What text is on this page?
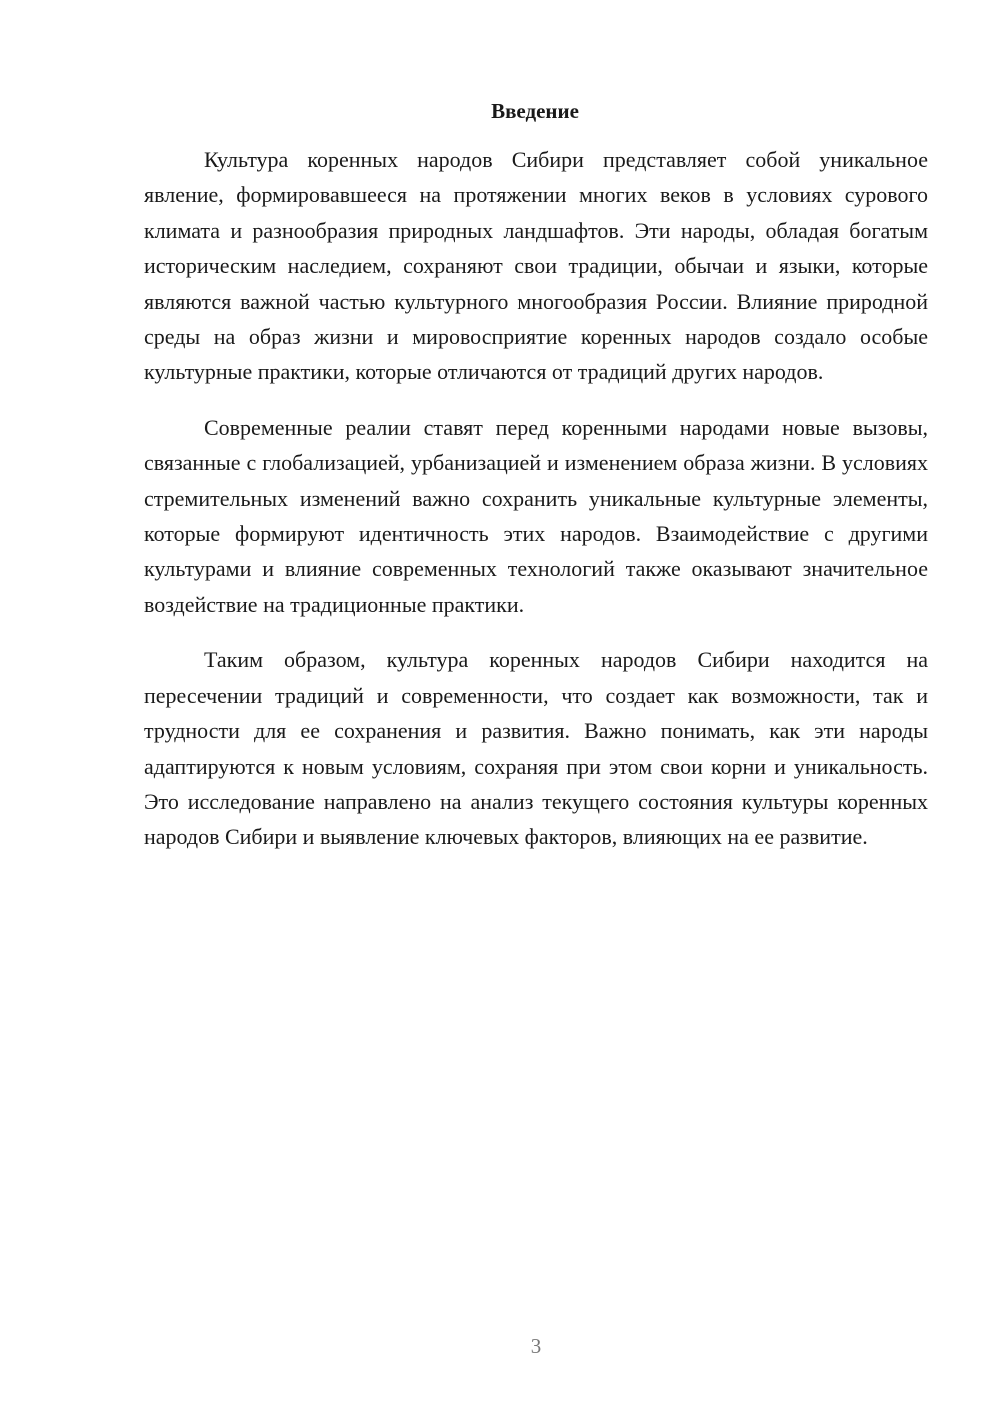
Введение

Культура коренных народов Сибири представляет собой уникальное явление, формировавшееся на протяжении многих веков в условиях сурового климата и разнообразия природных ландшафтов. Эти народы, обладая богатым историческим наследием, сохраняют свои традиции, обычаи и языки, которые являются важной частью культурного многообразия России. Влияние природной среды на образ жизни и мировосприятие коренных народов создало особые культурные практики, которые отличаются от традиций других народов.

Современные реалии ставят перед коренными народами новые вызовы, связанные с глобализацией, урбанизацией и изменением образа жизни. В условиях стремительных изменений важно сохранить уникальные культурные элементы, которые формируют идентичность этих народов. Взаимодействие с другими культурами и влияние современных технологий также оказывают значительное воздействие на традиционные практики.

Таким образом, культура коренных народов Сибири находится на пересечении традиций и современности, что создает как возможности, так и трудности для ее сохранения и развития. Важно понимать, как эти народы адаптируются к новым условиям, сохраняя при этом свои корни и уникальность. Это исследование направлено на анализ текущего состояния культуры коренных народов Сибири и выявление ключевых факторов, влияющих на ее развитие.

3
